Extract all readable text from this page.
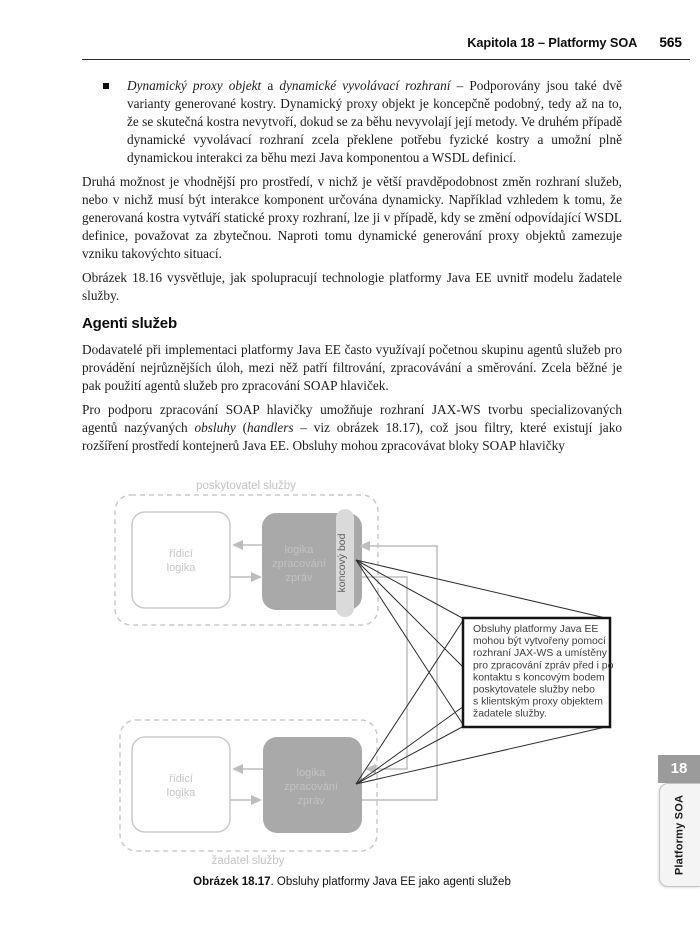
Kapitola 18 – Platformy SOA 565

Dynamický proxy objekt a dynamické vyvolávací rozhraní – Podporovány jsou také dvě varianty generované kostry. Dynamický proxy objekt je koncepčně podobný, tedy až na to, že se skutečná kostra nevytvoří, dokud se za běhu nevyvolají její metody. Ve druhém případě dynamické vyvolávací rozhraní zcela překlene potřebu fyzické kostry a umožní plně dynamickou interakci za běhu mezi Java komponentou a WSDL definicí.

Druhá možnost je vhodnější pro prostředí, v nichž je větší pravděpodobnost změn rozhraní služeb, nebo v nichž musí být interakce komponent určována dynamicky. Například vzhledem k tomu, že generovaná kostra vytváří statické proxy rozhraní, lze ji v případě, kdy se změní odpovídající WSDL definice, považovat za zbytečnou. Naproti tomu dynamické generování proxy objektů zamezuje vzniku takovýchto situací.

Obrázek 18.16 vysvětluje, jak spolupracují technologie platformy Java EE uvnitř modelu žadatele služby.

Agenti služeb

Dodavatelé při implementaci platformy Java EE často využívají početnou skupinu agentů služeb pro provádění nejrůznějších úloh, mezi něž patří filtrování, zpracovávání a směrování. Zcela běžné je pak použití agentů služeb pro zpracování SOAP hlaviček.

Pro podporu zpracování SOAP hlavičky umožňuje rozhraní JAX-WS tvorbu specializovaných agentů nazývaných obsluhy (handlers – viz obrázek 18.17), což jsou filtry, které existují jako rozšíření prostředí kontejnerů Java EE. Obsluhy mohou zpracovávat bloky SOAP hlavičky

poskytovatel služby
řídicí
logika
logika
zpracování
zpráv koncový bod
žadatel služby
řídicí
logika
logika
zpracování
zpráv
Obsluhy platformy Java EE
mohou být vytvořeny pomocí
rozhraní JAX-WS a umístěny
pro zpracování zpráv před i po
kontaktu s koncovým bodem
poskytovatele služby nebo
s klientským proxy objektem
žadatele služby.
Obrázek 18.17. Obsluhy platformy Java EE jako agenti služeb
18
Platformy SOA
